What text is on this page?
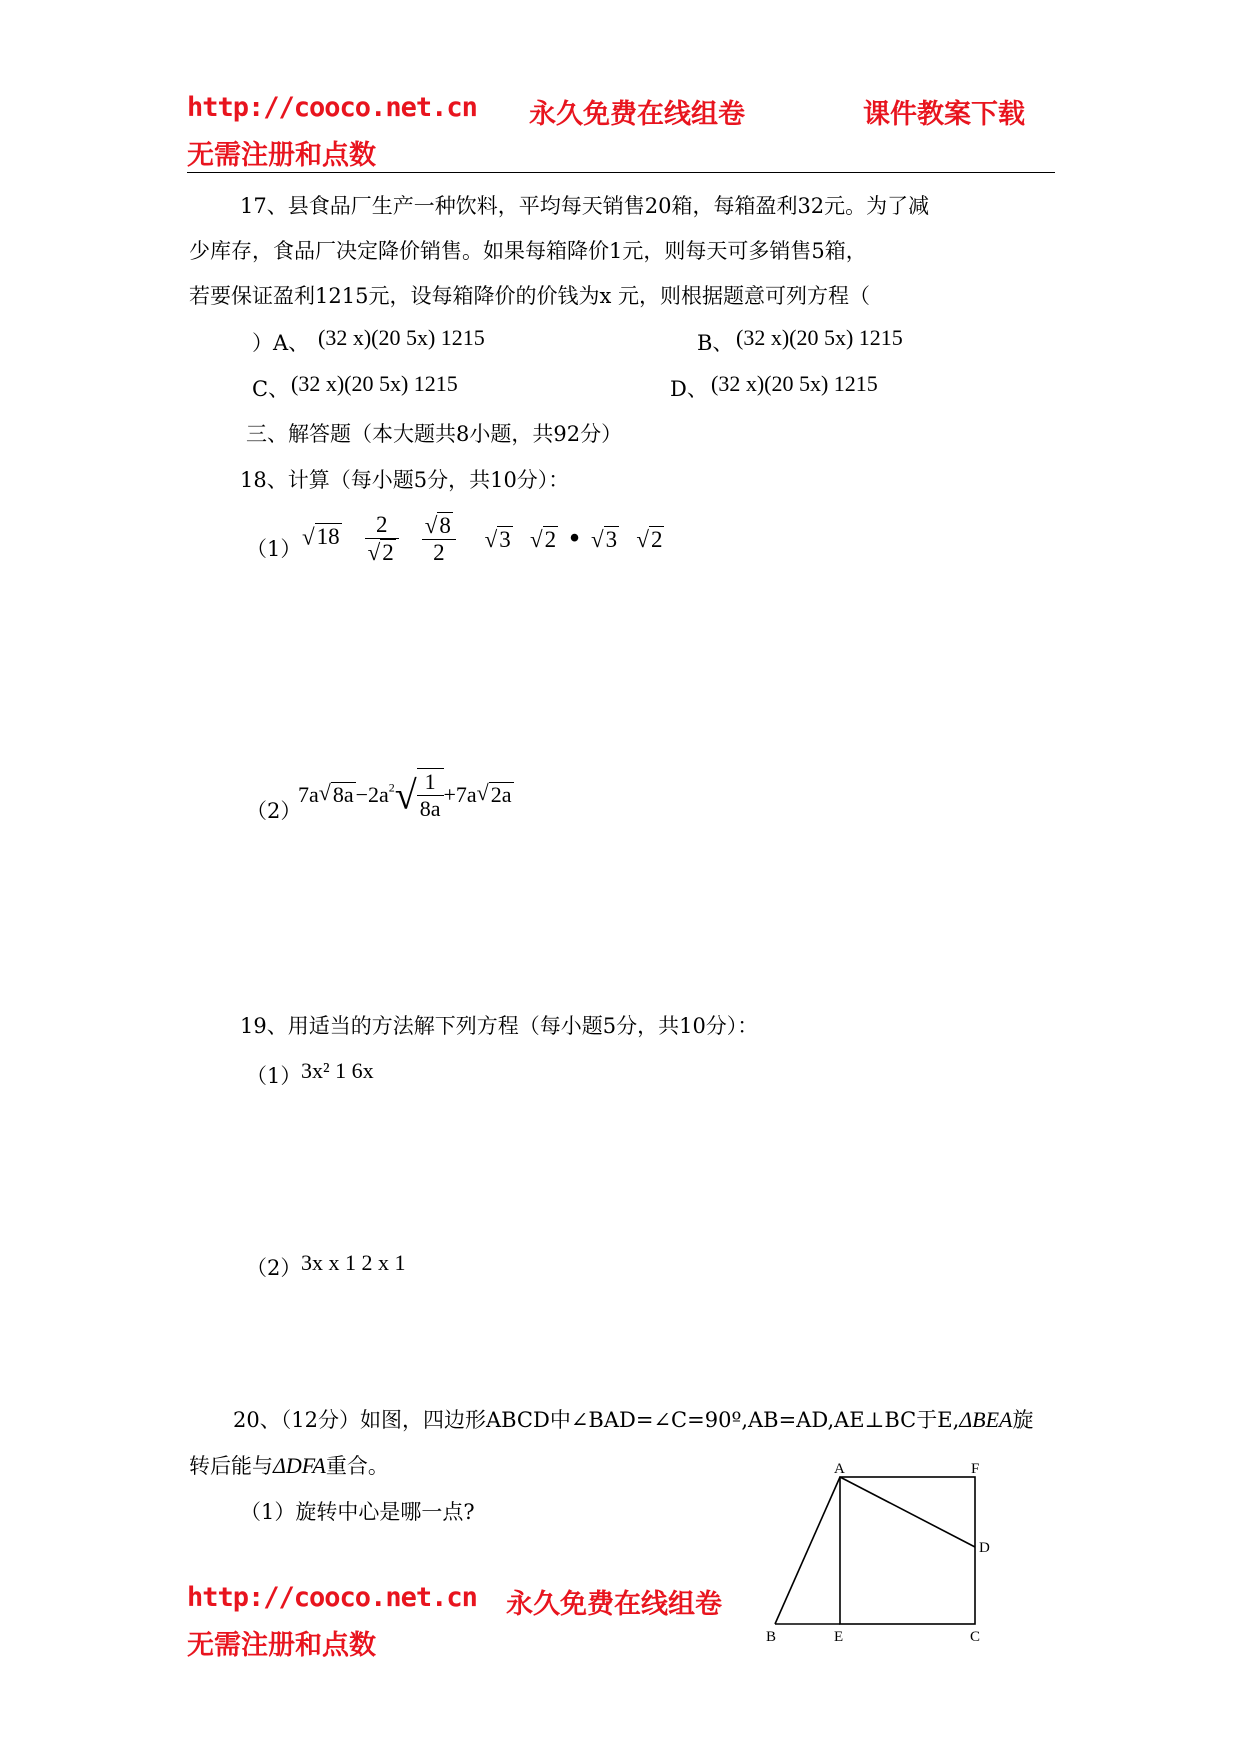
http://cooco.net.cn 永久免费在线组卷	课件教案下载
无需注册和点数
17、县食品厂生产一种饮料，平均每天销售20箱，每箱盈利32元。为了减
少库存，食品厂决定降价销售。如果每箱降价1元，则每天可多销售5箱，
若要保证盈利1215元，设每箱降价的价钱为x 元，则根据题意可列方程（
）A、 (32 x)(20 5x) 1215	B、 (32 x)(20 5x) 1215
C、 (32 x)(20 5x) 1215	D、 (32 x)(20 5x) 1215
三、解答题（本大题共8小题，共92分）
18、计算（每小题5分，共10分）：
（1） $√18 \frac{2}{√2}$
$\frac{√8}{2} √3$   √2 •  √3   √2
（2）
$7a√8a-2a^2√ \frac{1}{8a} +7a√2a$
19、用适当的方法解下列方程（每小题5分，共10分）：
（1） 3x² 1 6x
（2） 3x x 1 2 x 1
20、（12分）如图，四边形ABCD中∠BAD=∠C=90º,AB=AD,AE⊥BC于E,ΔBEA旋
转后能与ΔDFA重合。
（1）旋转中心是哪一点?
A	F
D
B	E	C
http://cooco.net.cn 永久免费在线组卷
无需注册和点数
